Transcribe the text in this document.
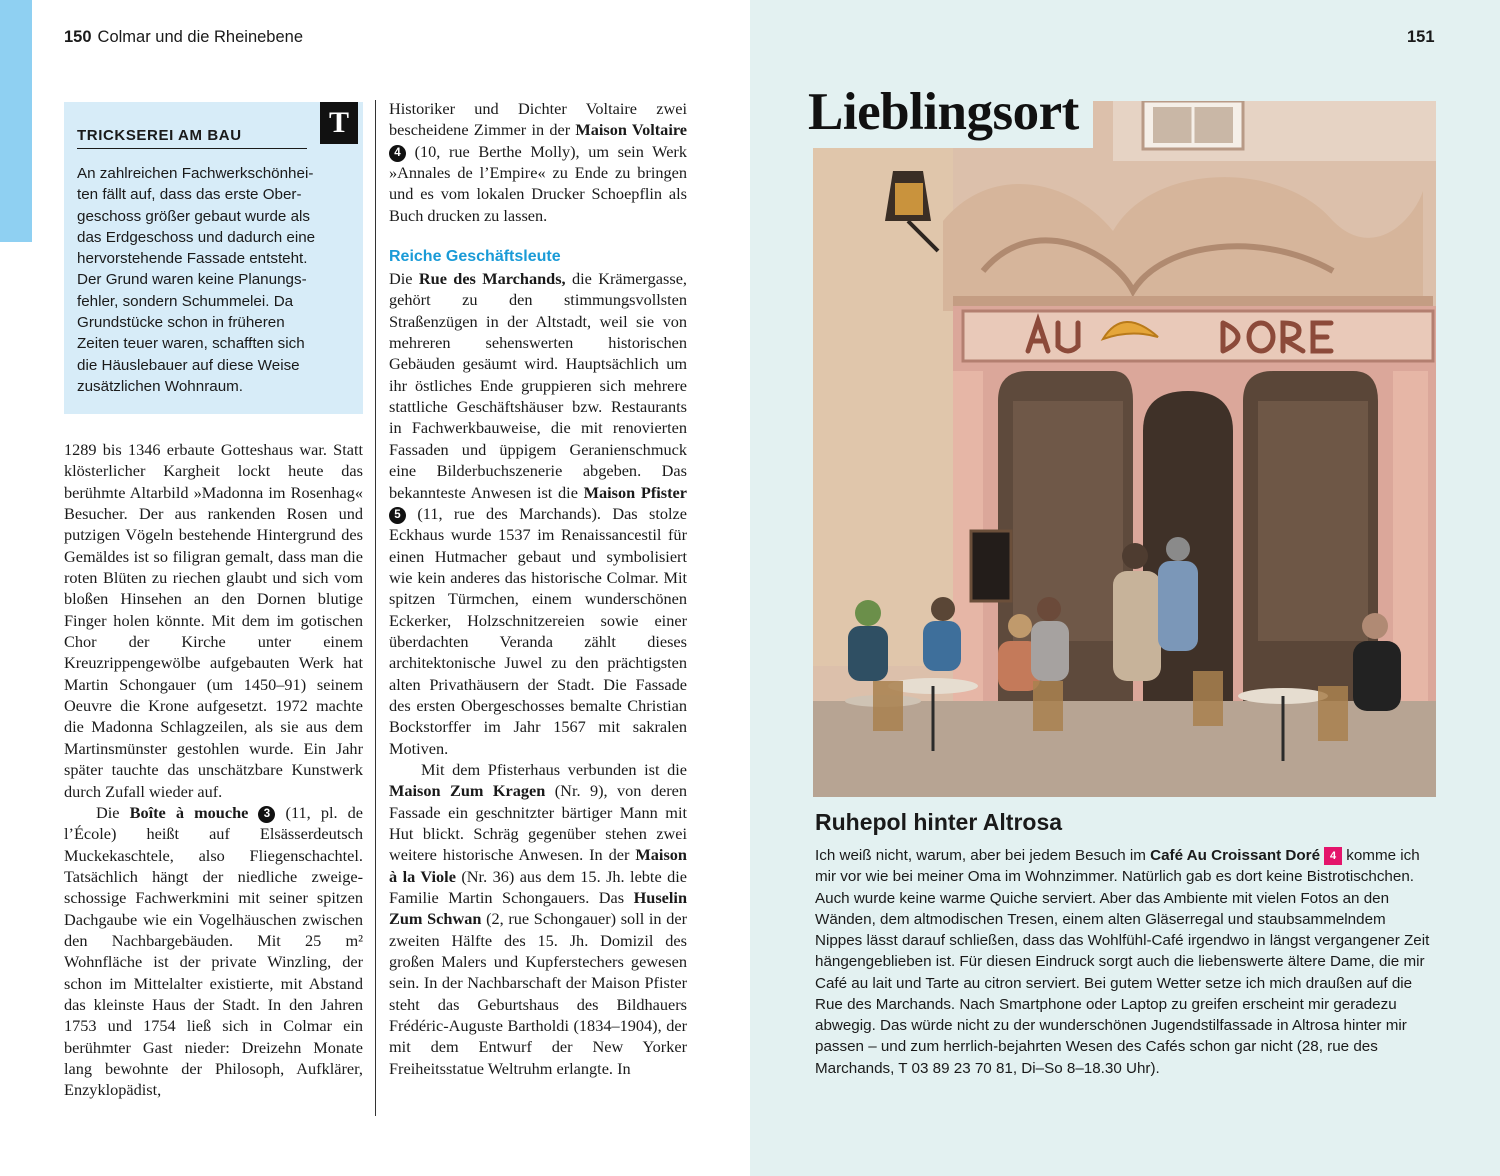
150 Colmar und die Rheinebene
T
TRICKSEREI AM BAU
An zahlreichen Fachwerkschönhei-
ten fällt auf, dass das erste Ober-
geschoss größer gebaut wurde als
das Erdgeschoss und dadurch eine
hervorstehende Fassade entsteht.
Der Grund waren keine Planungs-
fehler, sondern Schummelei. Da
Grundstücke schon in früheren
Zeiten teuer waren, schafften sich
die Häuslebauer auf diese Weise
zusätzlichen Wohnraum.

1289 bis 1346 erbaute Gotteshaus war. Statt klösterlicher Kargheit lockt heute das berühmte Altarbild »Madonna im Rosenhag« Besucher. Der aus rankenden Rosen und putzigen Vögeln bestehende Hintergrund des Gemäldes ist so filigran gemalt, dass man die roten Blüten zu riechen glaubt und sich vom bloßen Hinsehen an den Dornen blutige Finger holen könnte. Mit dem im gotischen Chor der Kirche unter einem Kreuzrippengewölbe aufgebauten Werk hat Martin Schongauer (um 1450–91) seinem Oeuvre die Krone aufgesetzt. 1972 machte die Madonna Schlagzeilen, als sie aus dem Martinsmünster gestohlen wurde. Ein Jahr später tauchte das unschätzbare Kunstwerk durch Zufall wieder auf.

Die Boîte à mouche 3 (11, pl. de l’École) heißt auf Elsässerdeutsch Muckekaschtele, also Fliegenschachtel. Tatsächlich hängt der niedliche zweigeschossige Fachwerkmini mit seiner spitzen Dachgaube wie ein Vogelhäuschen zwischen den Nachbargebäuden. Mit 25 m² Wohnfläche ist der private Winzling, der schon im Mittelalter existierte, mit Abstand das kleinste Haus der Stadt. In den Jahren 1753 und 1754 ließ sich in Colmar ein berühmter Gast nieder: Dreizehn Monate lang bewohnte der Philosoph, Aufklärer, Enzyklopädist,

Historiker und Dichter Voltaire zwei bescheidene Zimmer in der Maison Voltaire 4 (10, rue Berthe Molly), um sein Werk »Annales de l’Empire« zu Ende zu bringen und es vom lokalen Drucker Schoepflin als Buch drucken zu lassen.

Reiche Geschäftsleute

Die Rue des Marchands, die Krämergasse, gehört zu den stimmungsvollsten Straßenzügen in der Altstadt, weil sie von mehreren sehenswerten historischen Gebäuden gesäumt wird. Hauptsächlich um ihr östliches Ende gruppieren sich mehrere stattliche Geschäftshäuser bzw. Restaurants in Fachwerkbauweise, die mit renovierten Fassaden und üppigem Geranienschmuck eine Bilderbuchszenerie abgeben. Das bekannteste Anwesen ist die Maison Pfister 5 (11, rue des Marchands). Das stolze Eckhaus wurde 1537 im Renaissancestil für einen Hutmacher gebaut und symbolisiert wie kein anderes das historische Colmar. Mit spitzen Türmchen, einem wunderschönen Eckerker, Holzschnitzereien sowie einer überdachten Veranda zählt dieses architektonische Juwel zu den prächtigsten alten Privathäusern der Stadt. Die Fassade des ersten Obergeschosses bemalte Christian Bockstorffer im Jahr 1567 mit sakralen Motiven.

Mit dem Pfisterhaus verbunden ist die Maison Zum Kragen (Nr. 9), von deren Fassade ein geschnitzter bärtiger Mann mit Hut blickt. Schräg gegenüber stehen zwei weitere historische Anwesen. In der Maison à la Viole (Nr. 36) aus dem 15. Jh. lebte die Familie Martin Schongauers. Das Huselin Zum Schwan (2, rue Schongauer) soll in der zweiten Hälfte des 15. Jh. Domizil des großen Malers und Kupferstechers gewesen sein. In der Nachbarschaft der Maison Pfister steht das Geburtshaus des Bildhauers Frédéric-Auguste Bartholdi (1834–1904), der mit dem Entwurf der New Yorker Freiheitsstatue Weltruhm erlangte. In

151
Lieblingsort
Ruhepol hinter Altrosa
Ich weiß nicht, warum, aber bei jedem Besuch im Café Au Croissant Doré 4 komme ich mir vor wie bei meiner Oma im Wohnzimmer. Natürlich gab es dort keine Bistrotischchen. Auch wurde keine warme Quiche serviert. Aber das Ambiente mit vielen Fotos an den Wänden, dem altmodischen Tresen, einem alten Gläserregal und staubsammelndem Nippes lässt darauf schließen, dass das Wohlfühl-Café irgendwo in längst vergangener Zeit hängengeblieben ist. Für diesen Eindruck sorgt auch die liebenswerte ältere Dame, die mir Café au lait und Tarte au citron serviert. Bei gutem Wetter setze ich mich draußen auf die Rue des Marchands. Nach Smartphone oder Laptop zu greifen erscheint mir geradezu abwegig. Das würde nicht zu der wunderschönen Jugendstilfassade in Altrosa hinter mir passen – und zum herrlich-bejahrten Wesen des Cafés schon gar nicht (28, rue des Marchands, T 03 89 23 70 81, Di–So 8–18.30 Uhr).
